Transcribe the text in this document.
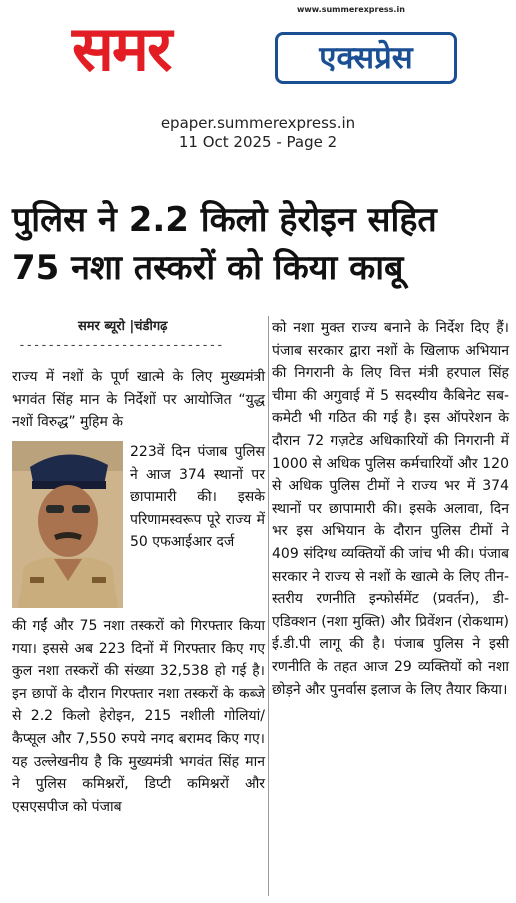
www.summerexpress.in
समर	एक्सप्रेस
epaper.summerexpress.in
11 Oct 2025 - Page 2
पुलिस ने 2.2 किलो हेरोइन सहित
75 नशा तस्करों को किया काबू
समर ब्यूरो |चंडीगढ़
----------------------------
राज्य में नशों के पूर्ण खात्मे के लिए मुख्यमंत्री भगवंत सिंह मान के निर्देशों पर आयोजित “युद्ध नशों विरुद्ध” मुहिम के
223वें दिन पंजाब पुलिस ने आज 374 स्थानों पर छापामारी की। इसके परिणामस्वरूप पूरे राज्य में 50 एफआईआर दर्ज
की गईं और 75 नशा तस्करों को गिरफ्तार किया गया। इससे अब 223 दिनों में गिरफ्तार किए गए कुल नशा तस्करों की संख्या 32,538 हो गई है। इन छापों के दौरान गिरफ्तार नशा तस्करों के कब्जे से 2.2 किलो हेरोइन, 215 नशीली गोलियां/कैप्सूल और 7,550 रुपये नगद बरामद किए गए। यह उल्लेखनीय है कि मुख्यमंत्री भगवंत सिंह मान ने पुलिस कमिश्नरों, डिप्टी कमिश्नरों और एसएसपीज को पंजाब
को नशा मुक्त राज्य बनाने के निर्देश दिए हैं। पंजाब सरकार द्वारा नशों के खिलाफ अभियान की निगरानी के लिए वित्त मंत्री हरपाल सिंह चीमा की अगुवाई में 5 सदस्यीय कैबिनेट सब-कमेटी भी गठित की गई है। इस ऑपरेशन के दौरान 72 गज़टेड अधिकारियों की निगरानी में 1000 से अधिक पुलिस कर्मचारियों और 120 से अधिक पुलिस टीमों ने राज्य भर में 374 स्थानों पर छापामारी की। इसके अलावा, दिन भर इस अभियान के दौरान पुलिस टीमों ने 409 संदिग्ध व्यक्तियों की जांच भी की। पंजाब सरकार ने राज्य से नशों के खात्मे के लिए तीन-स्तरीय रणनीति इन्फोर्समेंट (प्रवर्तन), डी-एडिक्शन (नशा मुक्ति) और प्रिवेंशन (रोकथाम) ई.डी.पी लागू की है। पंजाब पुलिस ने इसी रणनीति के तहत आज 29 व्यक्तियों को नशा छोड़ने और पुनर्वास इलाज के लिए तैयार किया।
